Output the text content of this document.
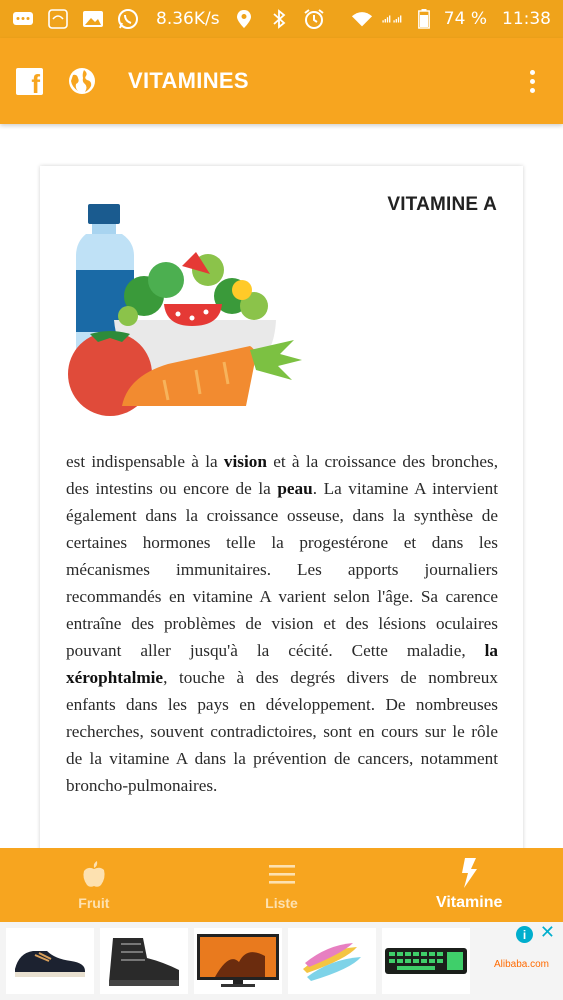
8.36K/s	74 % 11:38
f	VITAMINES
VITAMINE A

est indispensable à la vision et à la croissance des bronches, des intestins ou encore de la peau. La vitamine A intervient également dans la croissance osseuse, dans la synthèse de certaines hormones telle la progestérone et dans les mécanismes immunitaires. Les apports journaliers recommandés en vitamine A varient selon l'âge. Sa carence entraîne des problèmes de vision et des lésions oculaires pouvant aller jusqu'à la cécité. Cette maladie, la xérophtalmie, touche à des degrés divers de nombreux enfants dans les pays en développement. De nombreuses recherches, souvent contradictoires, sont en cours sur le rôle de la vitamine A dans la prévention de cancers, notamment broncho-pulmonaires.

Fruit	Liste	Vitamine
i ✕
Alibaba.com
